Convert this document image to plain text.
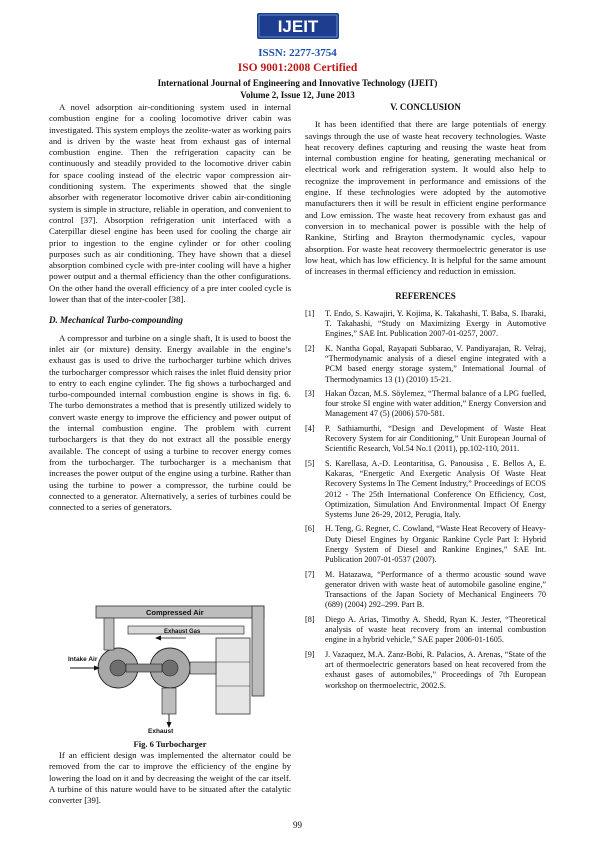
IJEIT
ISSN: 2277-3754
ISO 9001:2008 Certified
International Journal of Engineering and Innovative Technology (IJEIT)
Volume 2, Issue 12, June 2013

A novel adsorption air-conditioning system used in internal combustion engine for a cooling locomotive driver cabin was investigated. This system employs the zeolite-water as working pairs and is driven by the waste heat from exhaust gas of internal combustion engine. Then the refrigeration capacity can be continuously and steadily provided to the locomotive driver cabin for space cooling instead of the electric vapor compression air-conditioning system. The experiments showed that the single absorber with regenerator locomotive driver cabin air-conditioning system is simple in structure, reliable in operation, and convenient to control [37]. Absorption refrigeration unit interfaced with a Caterpillar diesel engine has been used for cooling the charge air prior to ingestion to the engine cylinder or for other cooling purposes such as air conditioning. They have shown that a diesel absorption combined cycle with pre-inter cooling will have a higher power output and a thermal efficiency than the other configurations. On the other hand the overall efficiency of a pre inter cooled cycle is lower than that of the inter-cooler [38].

D. Mechanical Turbo-compounding

A compressor and turbine on a single shaft, It is used to boost the inlet air (or mixture) density. Energy available in the engine’s exhaust gas is used to drive the turbocharger turbine which drives the turbocharger compressor which raises the inlet fluid density prior to entry to each engine cylinder. The fig shows a turbocharged and turbo-compounded internal combustion engine is shows in fig. 6. The turbo demonstrates a method that is presently utilized widely to convert waste energy to improve the efficiency and power output of the internal combustion engine. The problem with current turbochargers is that they do not extract all the possible energy available. The concept of using a turbine to recover energy comes from the turbocharger. The turbocharger is a mechanism that increases the power output of the engine using a turbine. Rather than using the turbine to power a compressor, the turbine could be connected to a generator. Alternatively, a series of turbines could be connected to a series of generators.

Compressed Air
Exhaust Gas
Intake Air
Exhaust
Fig. 6 Turbocharger

If an efficient design was implemented the alternator could be removed from the car to improve the efficiency of the engine by lowering the load on it and by decreasing the weight of the car itself. A turbine of this nature would have to be situated after the catalytic converter [39].

V. CONCLUSION

It has been identified that there are large potentials of energy savings through the use of waste heat recovery technologies. Waste heat recovery defines capturing and reusing the waste heat from internal combustion engine for heating, generating mechanical or electrical work and refrigeration system. It would also help to recognize the improvement in performance and emissions of the engine. If these technologies were adopted by the automotive manufacturers then it will be result in efficient engine performance and Low emission. The waste heat recovery from exhaust gas and conversion in to mechanical power is possible with the help of Rankine, Stirling and Brayton thermodynamic cycles, vapour absorption. For waste heat recovery thermoelectric generator is use low heat, which has low efficiency. It is helpful for the same amount of increases in thermal efficiency and reduction in emission.

REFERENCES
[1]	T. Endo, S. Kawajiri, Y. Kojima, K. Takahashi, T. Baba, S. Ibaraki, T. Takahashi, “Study on Maximizing Exergy in Automotive Engines,” SAE Int. Publication 2007-01-0257, 2007.
[2]	K. Nantha Gopal, Rayapati Subbarao, V. Pandiyarajan, R. Velraj, “Thermodynamic analysis of a diesel engine integrated with a PCM based energy storage system,” International Journal of Thermodynamics 13 (1) (2010) 15-21.
[3]	Hakan Özcan, M.S. Söylemez, “Thermal balance of a LPG fuelled, four stroke SI engine with water addition,” Energy Conversion and Management 47 (5) (2006) 570-581.
[4]	P. Sathiamurthi, “Design and Development of Waste Heat Recovery System for air Conditioning,” Unit European Journal of Scientific Research, Vol.54 No.1 (2011), pp.102-110, 2011.
[5]	S. Karellasa, A.-D. Leontaritisa, G. Panousisa , E. Bellos A, E. Kakaras, “Energetic And Exergetic Analysis Of Waste Heat Recovery Systems In The Cement Industry,” Proceedings of ECOS 2012 - The 25th International Conference On Efficiency, Cost, Optimization, Simulation And Environmental Impact Of Energy Systems June 26-29, 2012, Perugia, Italy.
[6]	H. Teng, G. Regner, C. Cowland, “Waste Heat Recovery of Heavy-Duty Diesel Engines by Organic Rankine Cycle Part I: Hybrid Energy System of Diesel and Rankine Engines,” SAE Int. Publication 2007-01-0537 (2007).
[7]	M. Hatazawa, “Performance of a thermo acoustic sound wave generator driven with waste heat of automobile gasoline engine,” Transactions of the Japan Society of Mechanical Engineers 70 (689) (2004) 292–299. Part B.
[8]	Diego A. Arias, Timothy A. Shedd, Ryan K. Jester, “Theoretical analysis of waste heat recovery from an internal combustion engine in a hybrid vehicle,” SAE paper 2006-01-1605.
[9]	J. Vazaquez, M.A. Zanz-Bobi, R. Palacios, A. Arenas, “State of the art of thermoelectric generators based on heat recovered from the exhaust gases of automobiles,” Proceedings of 7th European workshop on thermoelectric, 2002.S.
99
